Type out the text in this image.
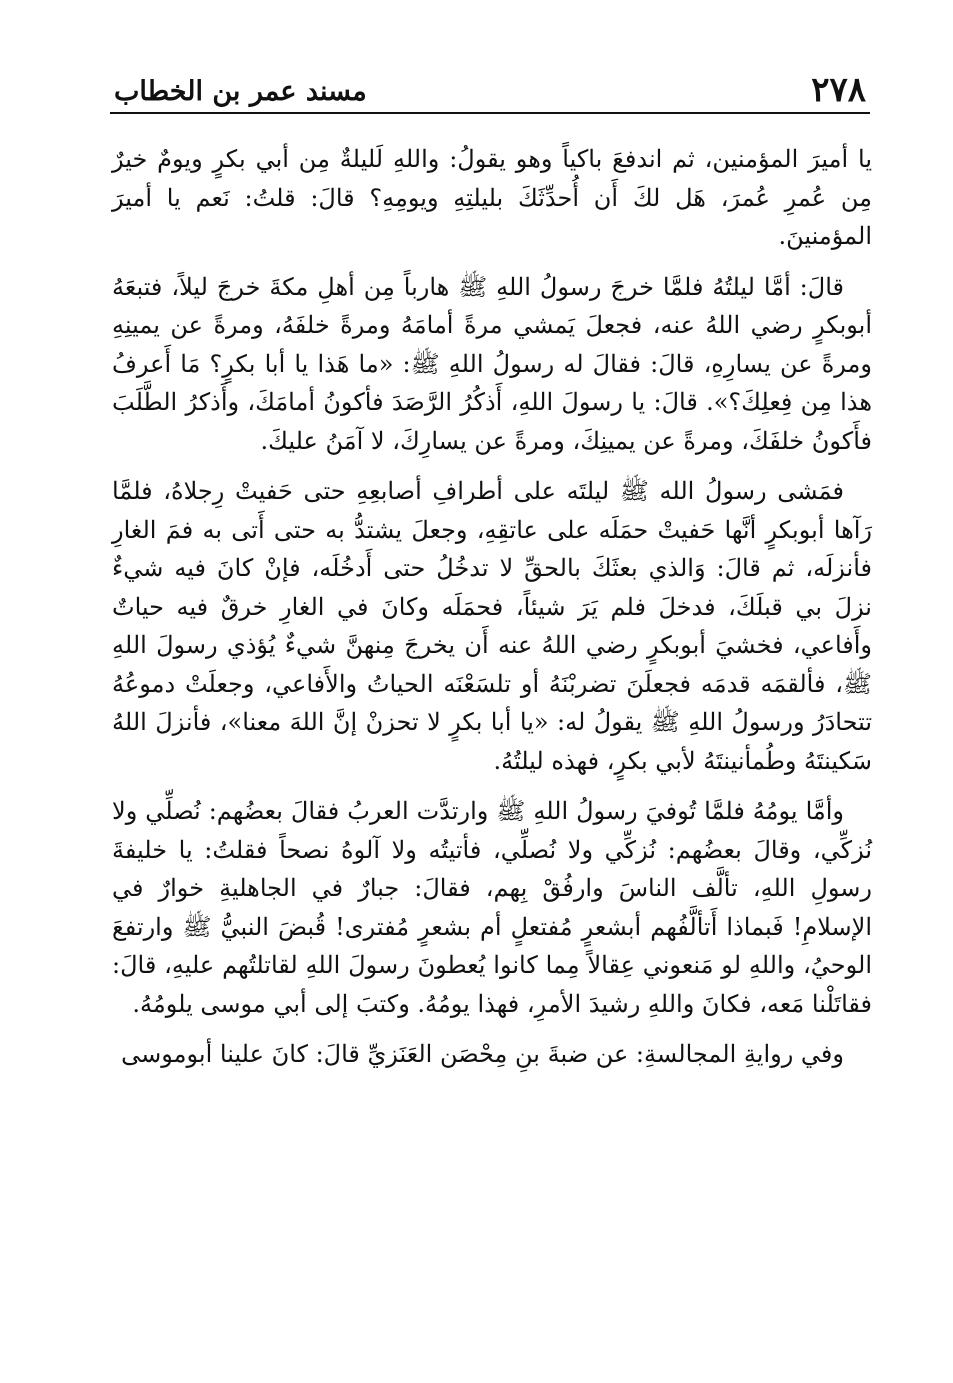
٢٧٨
مسند عمر بن الخطاب

يا أميرَ المؤمنين، ثم اندفعَ باكياً وهو يقولُ: واللهِ لَليلةٌ مِن أبي بكرٍ ويومٌ خيرٌ مِن عُمرِ عُمرَ، هَل لكَ أَن أُحدِّثَكَ بليلتِهِ ويومِهِ؟ قالَ: قلتُ: نَعم يا أميرَ المؤمنينَ.

قالَ: أمَّا ليلتُهُ فلمَّا خرجَ رسولُ اللهِ ﷺ هارباً مِن أهلِ مكةَ خرجَ ليلاً، فتبعَهُ أبوبكرٍ رضي اللهُ عنه، فجعلَ يَمشي مرةً أمامَهُ ومرةً خلفَهُ، ومرةً عن يمينِهِ ومرةً عن يسارِهِ، قالَ: فقالَ له رسولُ اللهِ ﷺ: «ما هَذا يا أبا بكرٍ؟ مَا أَعرفُ هذا مِن فِعلِكَ؟». قالَ: يا رسولَ اللهِ، أَذكُرُ الرَّصَدَ فأكونُ أمامَكَ، وأَذكرُ الطَّلَبَ فأَكونُ خلفَكَ، ومرةً عن يمينِكَ، ومرةً عن يسارِكَ، لا آمَنُ عليكَ.

فمَشى رسولُ الله ﷺ ليلتَه على أطرافِ أصابعِهِ حتى حَفيتْ رِجلاهُ، فلمَّا رَآها أبوبكرٍ أنَّها حَفيتْ حمَلَه على عاتقِهِ، وجعلَ يشتدُّ به حتى أَتى به فمَ الغارِ فأنزلَه، ثم قالَ: وَالذي بعثَكَ بالحقِّ لا تدخُلُ حتى أَدخُلَه، فإنْ كانَ فيه شيءٌ نزلَ بي قبلَكَ، فدخلَ فلم يَرَ شيئاً، فحمَلَه وكانَ في الغارِ خرقٌ فيه حياتٌ وأَفاعي، فخشيَ أبوبكرٍ رضي اللهُ عنه أَن يخرجَ مِنهنَّ شيءٌ يُؤذي رسولَ اللهِ ﷺ، فألقمَه قدمَه فجعلَنَ تضربْنَهُ أو تلسَعْنَه الحياتُ والأَفاعي، وجعلَتْ دموعُهُ تتحادَرُ ورسولُ اللهِ ﷺ يقولُ له: «يا أبا بكرٍ لا تحزنْ إنَّ اللهَ معنا»، فأنزلَ اللهُ سَكينتَهُ وطُمأنينتَهُ لأبي بكرٍ، فهذه ليلتُهُ.

وأمَّا يومُهُ فلمَّا تُوفيَ رسولُ اللهِ ﷺ وارتدَّت العربُ فقالَ بعضُهم: نُصلِّي ولا نُزكِّي، وقالَ بعضُهم: نُزكِّي ولا نُصلِّي، فأتيتُه ولا آلوهُ نصحاً فقلتُ: يا خليفةَ رسولِ اللهِ، تألَّف الناسَ وارفُقْ بِهم، فقالَ: جبارٌ في الجاهليةِ خوارٌ في الإسلامِ! فَبماذا أَتألَّفُهم أبشعرٍ مُفتعلٍ أم بشعرٍ مُفترى! قُبضَ النبيُّ ﷺ وارتفعَ الوحيُ، واللهِ لو مَنعوني عِقالاً مِما كانوا يُعطونَ رسولَ اللهِ لقاتلتُهم عليهِ، قالَ: فقاتَلْنا مَعه، فكانَ واللهِ رشيدَ الأمرِ، فهذا يومُهُ. وكتبَ إلى أبي موسى يلومُهُ.

وفي روايةِ المجالسةِ: عن ضبةَ بنِ مِحْصَن العَنَزيِّ قالَ: كانَ علينا أبوموسى
